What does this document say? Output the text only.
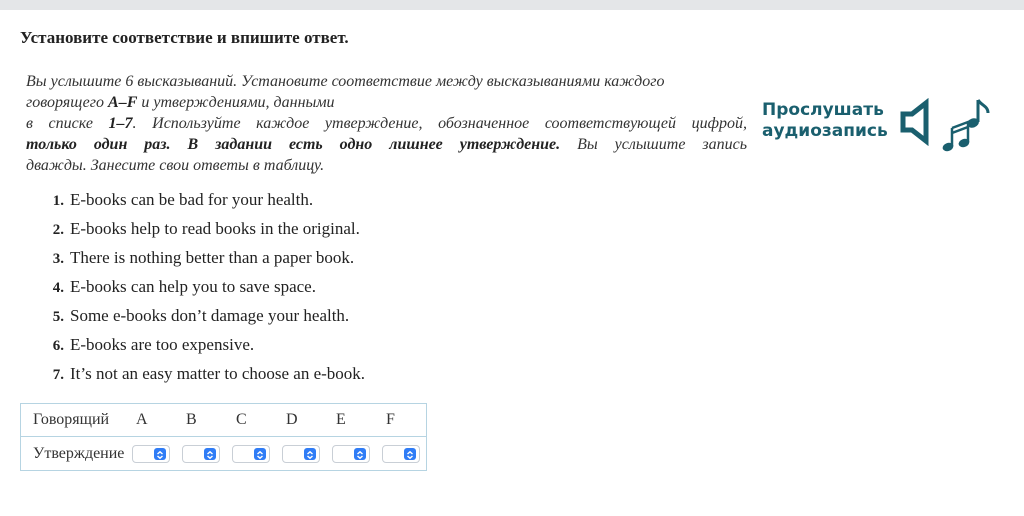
Установите соответствие и впишите ответ.
Вы услышите 6 высказываний. Установите соответствие между высказываниями каждого
говорящего A–F и утверждениями, данными
в списке 1–7. Используйте каждое утверждение, обозначенное соответствующей цифрой,
только один раз. В задании есть одно лишнее утверждение. Вы услышите запись
дважды. Занесите свои ответы в таблицу.
Прослушать аудиозапись
1. E-books can be bad for your health.
2. E-books help to read books in the original.
3. There is nothing better than a paper book.
4. E-books can help you to save space.
5. Some e-books don’t damage your health.
6. E-books are too expensive.
7. It’s not an easy matter to choose an e-book.
Говорящий	A	B	C	D	E	F
Утверждение	
